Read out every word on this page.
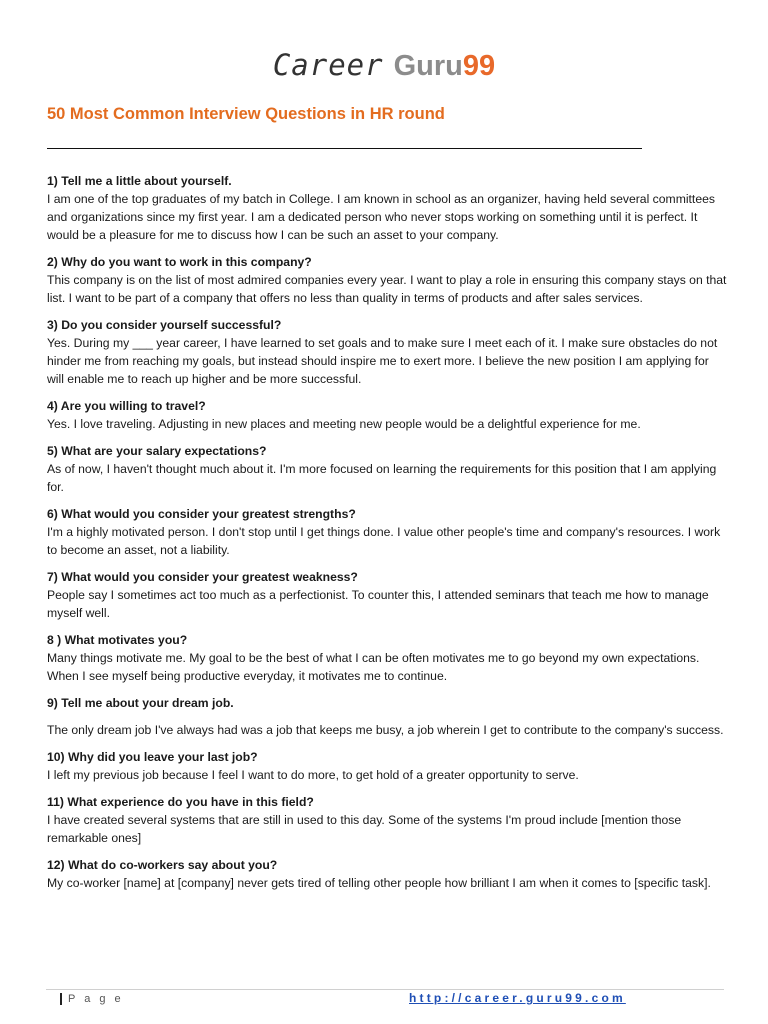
Career Guru99
50 Most Common Interview Questions in HR round

1) Tell me a little about yourself.

I am one of the top graduates of my batch in College. I am known in school as an organizer, having held several committees and organizations since my first year. I am a dedicated person who never stops working on something until it is perfect. It would be a pleasure for me to discuss how I can be such an asset to your company.

2) Why do you want to work in this company?

This company is on the list of most admired companies every year. I want to play a role in ensuring this company stays on that list. I want to be part of a company that offers no less than quality in terms of products and after sales services.

3) Do you consider yourself successful?

Yes. During my ___ year career, I have learned to set goals and to make sure I meet each of it. I make sure obstacles do not hinder me from reaching my goals, but instead should inspire me to exert more. I believe the new position I am applying for will enable me to reach up higher and be more successful.

4) Are you willing to travel?

Yes. I love traveling. Adjusting in new places and meeting new people would be a delightful experience for me.

5) What are your salary expectations?

As of now, I haven't thought much about it. I'm more focused on learning the requirements for this position that I am applying for.

6) What would you consider your greatest strengths?

I'm a highly motivated person. I don't stop until I get things done. I value other people's time and company's resources. I work to become an asset, not a liability.

7) What would you consider your greatest weakness?

People say I sometimes act too much as a perfectionist. To counter this, I attended seminars that teach me how to manage myself well.

8 ) What motivates you?

Many things motivate me. My goal to be the best of what I can be often motivates me to go beyond my own expectations. When I see myself being productive everyday, it motivates me to continue.

9) Tell me about your dream job.

The only dream job I've always had was a job that keeps me busy, a job wherein I get to contribute to the company's success.

10) Why did you leave your last job?

I left my previous job because I feel I want to do more, to get hold of a greater opportunity to serve.

11) What experience do you have in this field?

I have created several systems that are still in used to this day. Some of the systems I'm proud include [mention those remarkable ones]

12) What do co-workers say about you?

My co-worker [name] at [company] never gets tired of telling other people how brilliant I am when it comes to [specific task].

P a g e	http://career.guru99.com
